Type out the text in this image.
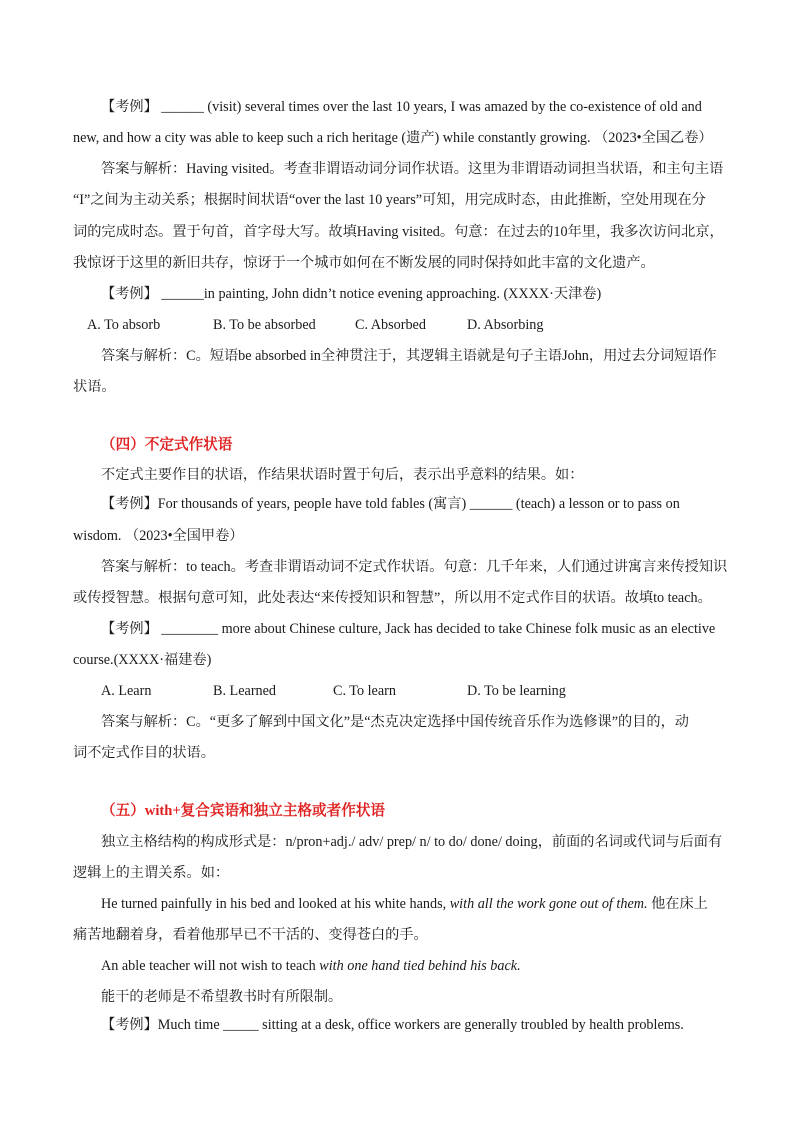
【考例】 ______ (visit) several times over the last 10 years, I was amazed by the co-existence of old and
new, and how a city was able to keep such a rich heritage (遗产) while constantly growing. （2023•全国乙卷）
答案与解析：Having visited。考查非谓语动词分词作状语。这里为非谓语动词担当状语，和主句主语
“I”之间为主动关系；根据时间状语“over the last 10 years”可知，用完成时态，由此推断，空处用现在分
词的完成时态。置于句首，首字母大写。故填Having visited。句意：在过去的10年里，我多次访问北京，
我惊讶于这里的新旧共存，惊讶于一个城市如何在不断发展的同时保持如此丰富的文化遗产。
【考例】 ______in painting, John didn’t notice evening approaching. (XXXX·天津卷)
A. To absorb	B. To be absorbed	C. Absorbed	D. Absorbing
答案与解析：C。短语be absorbed in全神贯注于，其逻辑主语就是句子主语John，用过去分词短语作
状语。
（四）不定式作状语
不定式主要作目的状语，作结果状语时置于句后，表示出乎意料的结果。如：
【考例】For thousands of years, people have told fables (寓言) ______ (teach) a lesson or to pass on
wisdom. （2023•全国甲卷）
答案与解析：to teach。考查非谓语动词不定式作状语。句意：几千年来，人们通过讲寓言来传授知识
或传授智慧。根据句意可知，此处表达“来传授知识和智慧”，所以用不定式作目的状语。故填to teach。
【考例】 ________ more about Chinese culture, Jack has decided to take Chinese folk music as an elective
course.(XXXX·福建卷)
A. Learn	B. Learned	C. To learn	D. To be learning
答案与解析：C。“更多了解到中国文化”是“杰克决定选择中国传统音乐作为选修课”的目的，动
词不定式作目的状语。
（五）with+复合宾语和独立主格或者作状语
独立主格结构的构成形式是：n/pron+adj./ adv/ prep/ n/ to do/ done/ doing，前面的名词或代词与后面有
逻辑上的主谓关系。如：
He turned painfully in his bed and looked at his white hands, with all the work gone out of them. 他在床上
痛苦地翻着身，看着他那早已不干活的、变得苍白的手。
An able teacher will not wish to teach with one hand tied behind his back.
能干的老师是不希望教书时有所限制。
【考例】Much time _____ sitting at a desk, office workers are generally troubled by health problems.
